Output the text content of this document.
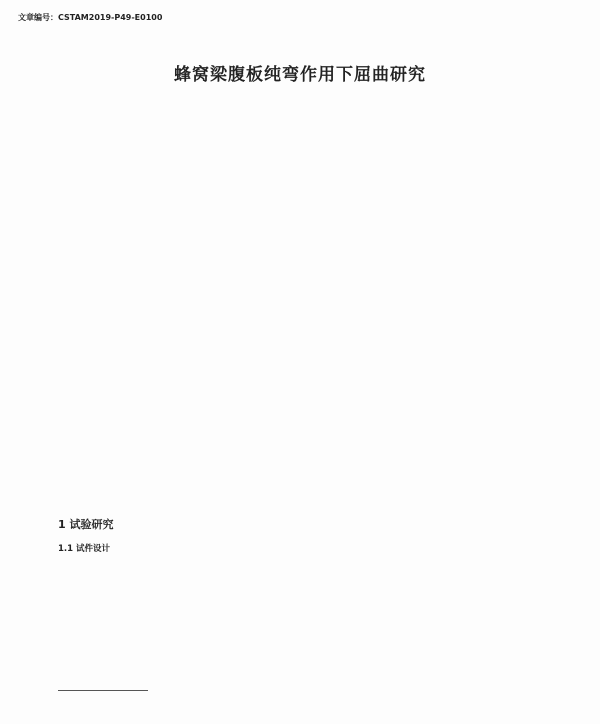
文章编号：CSTAM2019-P49-E0100
蜂窝梁腹板纯弯作用下屈曲研究
1 试验研究
1.1 试件设计
